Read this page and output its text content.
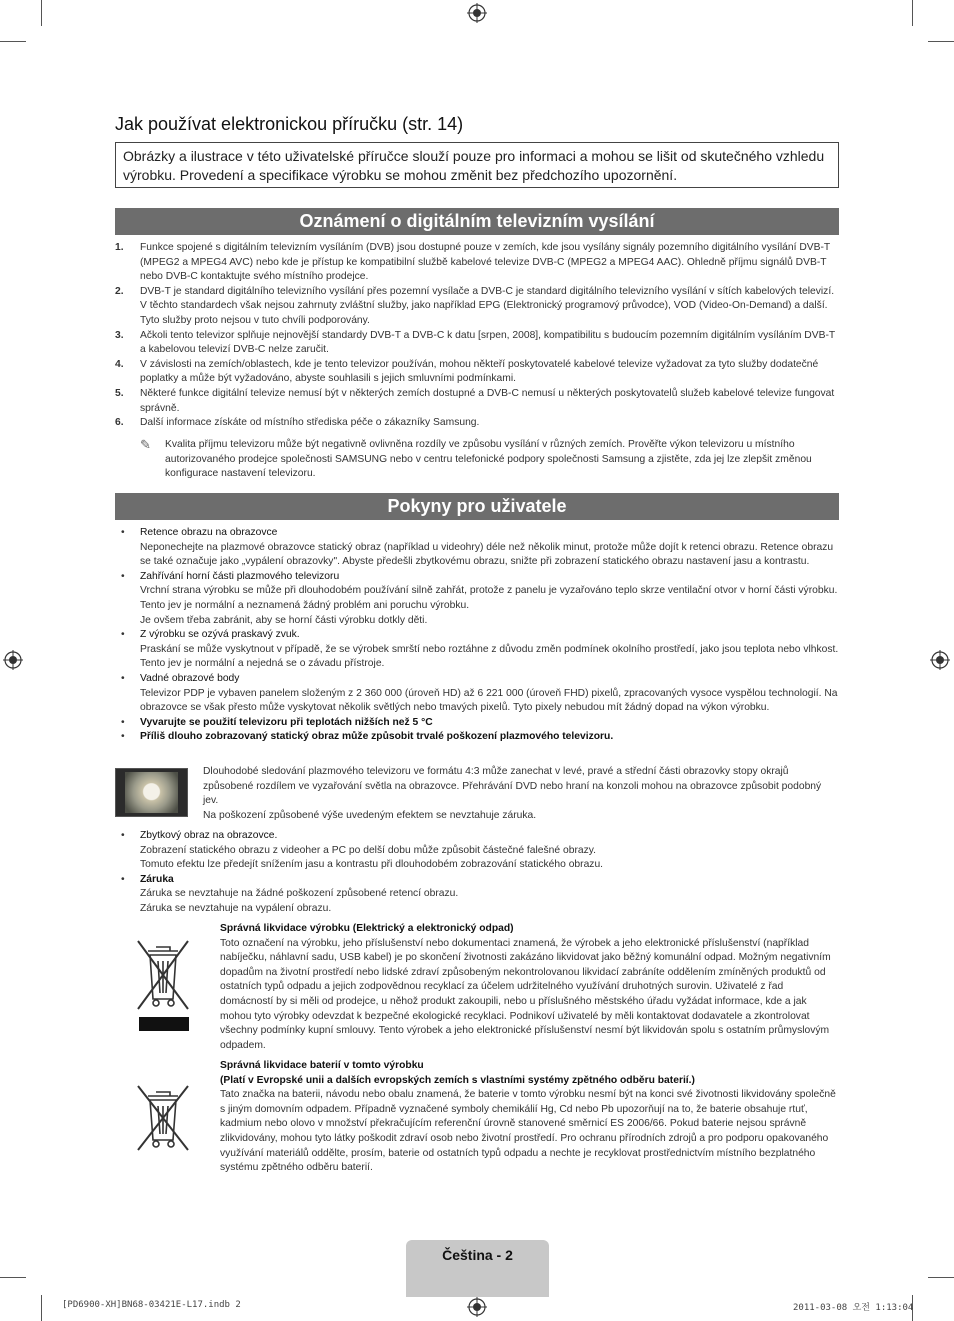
Jak používat elektronickou příručku (str. 14)
Obrázky a ilustrace v této uživatelské příručce slouží pouze pro informaci a mohou se lišit od skutečného vzhledu výrobku. Provedení a specifikace výrobku se mohou změnit bez předchozího upozornění.
Oznámení o digitálním televizním vysílání
1. Funkce spojené s digitálním televizním vysíláním (DVB) jsou dostupné pouze v zemích, kde jsou vysílány signály pozemního digitálního vysílání DVB-T (MPEG2 a MPEG4 AVC) nebo kde je přístup ke kompatibilní službě kabelové televize DVB-C (MPEG2 a MPEG4 AAC). Ohledně příjmu signálů DVB-T nebo DVB-C kontaktujte svého místního prodejce.
2. DVB-T je standard digitálního televizního vysílání přes pozemní vysílače a DVB-C je standard digitálního televizního vysílání v sítích kabelových televizí. V těchto standardech však nejsou zahrnuty zvláštní služby, jako například EPG (Elektronický programový průvodce), VOD (Video-On-Demand) a další. Tyto služby proto nejsou v tuto chvíli podporovány.
3. Ačkoli tento televizor splňuje nejnovější standardy DVB-T a DVB-C k datu [srpen, 2008], kompatibilitu s budoucím pozemním digitálním vysíláním DVB-T a kabelovou televizí DVB-C nelze zaručit.
4. V závislosti na zemích/oblastech, kde je tento televizor používán, mohou někteří poskytovatelé kabelové televize vyžadovat za tyto služby dodatečné poplatky a může být vyžadováno, abyste souhlasili s jejich smluvními podmínkami.
5. Některé funkce digitální televize nemusí být v některých zemích dostupné a DVB-C nemusí u některých poskytovatelů služeb kabelové televize fungovat správně.
6. Další informace získáte od místního střediska péče o zákazníky Samsung.
✎ Kvalita příjmu televizoru může být negativně ovlivněna rozdíly ve způsobu vysílání v různých zemích. Prověřte výkon televizoru u místního autorizovaného prodejce společnosti SAMSUNG nebo v centru telefonické podpory společnosti Samsung a zjistěte, zda jej lze zlepšit změnou konfigurace nastavení televizoru.
Pokyny pro uživatele
• Retence obrazu na obrazovce
Neponechejte na plazmové obrazovce statický obraz (například u videohry) déle než několik minut, protože může dojít k retenci obrazu. Retence obrazu se také označuje jako „vypálení obrazovky". Abyste předešli zbytkovému obrazu, snižte při zobrazení statického obrazu nastavení jasu a kontrastu.
• Zahřívání horní části plazmového televizoru
Vrchní strana výrobku se může při dlouhodobém používání silně zahřát, protože z panelu je vyzařováno teplo skrze ventilační otvor v horní části výrobku.
Tento jev je normální a neznamená žádný problém ani poruchu výrobku.
Je ovšem třeba zabránit, aby se horní části výrobku dotkly děti.
• Z výrobku se ozývá praskavý zvuk.
Praskání se může vyskytnout v případě, že se výrobek smrští nebo roztáhne z důvodu změn podmínek okolního prostředí, jako jsou teplota nebo vlhkost. Tento jev je normální a nejedná se o závadu přístroje.
• Vadné obrazové body
Televizor PDP je vybaven panelem složeným z 2 360 000 (úroveň HD) až 6 221 000 (úroveň FHD) pixelů, zpracovaných vysoce vyspělou technologií. Na obrazovce se však přesto může vyskytovat několik světlých nebo tmavých pixelů. Tyto pixely nebudou mít žádný dopad na výkon výrobku.
• Vyvarujte se použití televizoru při teplotách nižších než 5 °C
• Příliš dlouho zobrazovaný statický obraz může způsobit trvalé poškození plazmového televizoru.
Dlouhodobé sledování plazmového televizoru ve formátu 4:3 může zanechat v levé, pravé a střední části obrazovky stopy okrajů způsobené rozdílem ve vyzařování světla na obrazovce. Přehrávání DVD nebo hraní na konzoli mohou na obrazovce způsobit podobný jev.
Na poškození způsobené výše uvedeným efektem se nevztahuje záruka.
• Zbytkový obraz na obrazovce.
Zobrazení statického obrazu z videoher a PC po delší dobu může způsobit částečné falešné obrazy.
Tomuto efektu lze předejít snížením jasu a kontrastu při dlouhodobém zobrazování statického obrazu.
• Záruka
Záruka se nevztahuje na žádné poškození způsobené retencí obrazu.
Záruka se nevztahuje na vypálení obrazu.
Správná likvidace výrobku (Elektrický a elektronický odpad)
Toto označení na výrobku, jeho příslušenství nebo dokumentaci znamená, že výrobek a jeho elektronické příslušenství (například nabíječku, náhlavní sadu, USB kabel) je po skončení životnosti zakázáno likvidovat jako běžný komunální odpad. Možným negativním dopadům na životní prostředí nebo lidské zdraví způsobeným nekontrolovanou likvidací zabráníte oddělením zmíněných produktů od ostatních typů odpadu a jejich zodpovědnou recyklací za účelem udržitelného využívání druhotných surovin. Uživatelé z řad domácností by si měli od prodejce, u něhož produkt zakoupili, nebo u příslušného městského úřadu vyžádat informace, kde a jak mohou tyto výrobky odevzdat k bezpečné ekologické recyklaci. Podnikoví uživatelé by měli kontaktovat dodavatele a zkontrolovat všechny podmínky kupní smlouvy. Tento výrobek a jeho elektronické příslušenství nesmí být likvidován spolu s ostatním průmyslovým odpadem.
Správná likvidace baterií v tomto výrobku
(Platí v Evropské unii a dalších evropských zemích s vlastními systémy zpětného odběru baterií.)
Tato značka na baterii, návodu nebo obalu znamená, že baterie v tomto výrobku nesmí být na konci své životnosti likvidovány společně s jiným domovním odpadem. Případně vyznačené symboly chemikálií Hg, Cd nebo Pb upozorňují na to, že baterie obsahuje rtuť, kadmium nebo olovo v množství překračujícím referenční úrovně stanovené směrnicí ES 2006/66. Pokud baterie nejsou správně zlikvidovány, mohou tyto látky poškodit zdraví osob nebo životní prostředí. Pro ochranu přírodních zdrojů a pro podporu opakovaného využívání materiálů oddělte, prosím, baterie od ostatních typů odpadu a nechte je recyklovat prostřednictvím místního bezplatného systému zpětného odběru baterií.
Čeština - 2
[PD6900-XH]BN68-03421E-L17.indb 2	2011-03-08 오전 1:13:04
